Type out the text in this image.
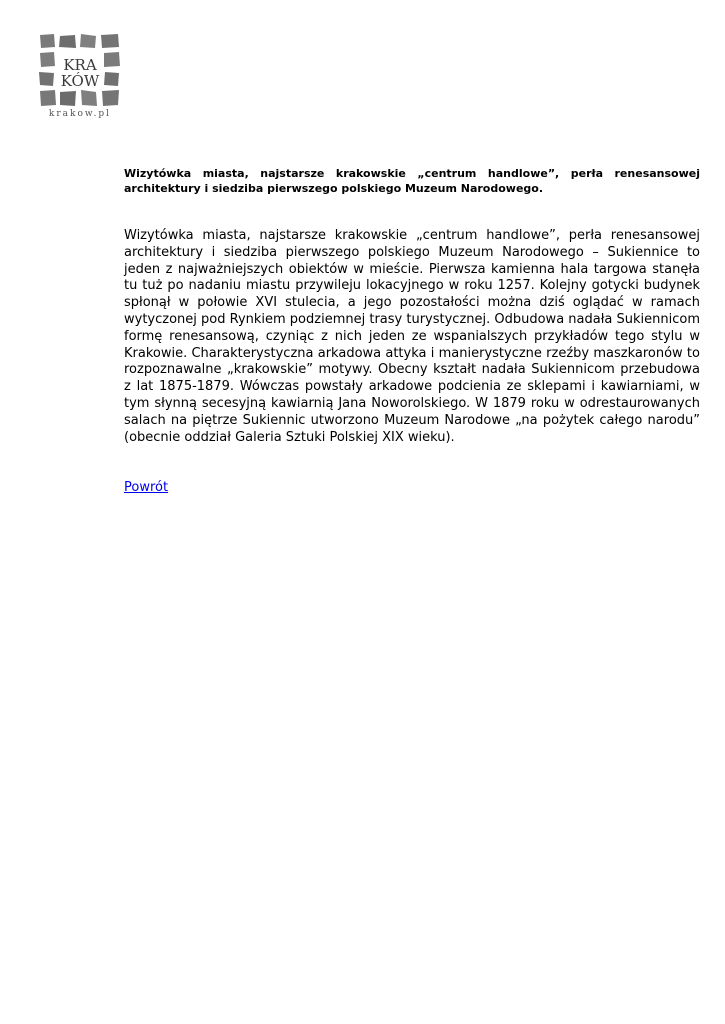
KRA
KÓW
krakow.pl

Wizytówka miasta, najstarsze krakowskie „centrum handlowe”, perła renesansowej architektury i siedziba pierwszego polskiego Muzeum Narodowego.

Wizytówka miasta, najstarsze krakowskie „centrum handlowe”, perła renesansowej architektury i siedziba pierwszego polskiego Muzeum Narodowego – Sukiennice to jeden z najważniejszych obiektów w mieście. Pierwsza kamienna hala targowa stanęła tu tuż po nadaniu miastu przywileju lokacyjnego w roku 1257. Kolejny gotycki budynek spłonął w połowie XVI stulecia, a jego pozostałości można dziś oglądać w ramach wytyczonej pod Rynkiem podziemnej trasy turystycznej. Odbudowa nadała Sukiennicom formę renesansową, czyniąc z nich jeden ze wspanialszych przykładów tego stylu w Krakowie. Charakterystyczna arkadowa attyka i manierystyczne rzeźby maszkaronów to rozpoznawalne „krakowskie” motywy. Obecny kształt nadała Sukiennicom przebudowa z lat 1875-1879. Wówczas powstały arkadowe podcienia ze sklepami i kawiarniami, w tym słynną secesyjną kawiarnią Jana Noworolskiego. W 1879 roku w odrestaurowanych salach na piętrze Sukiennic utworzono Muzeum Narodowe „na pożytek całego narodu” (obecnie oddział Galeria Sztuki Polskiej XIX wieku).

Powrót
